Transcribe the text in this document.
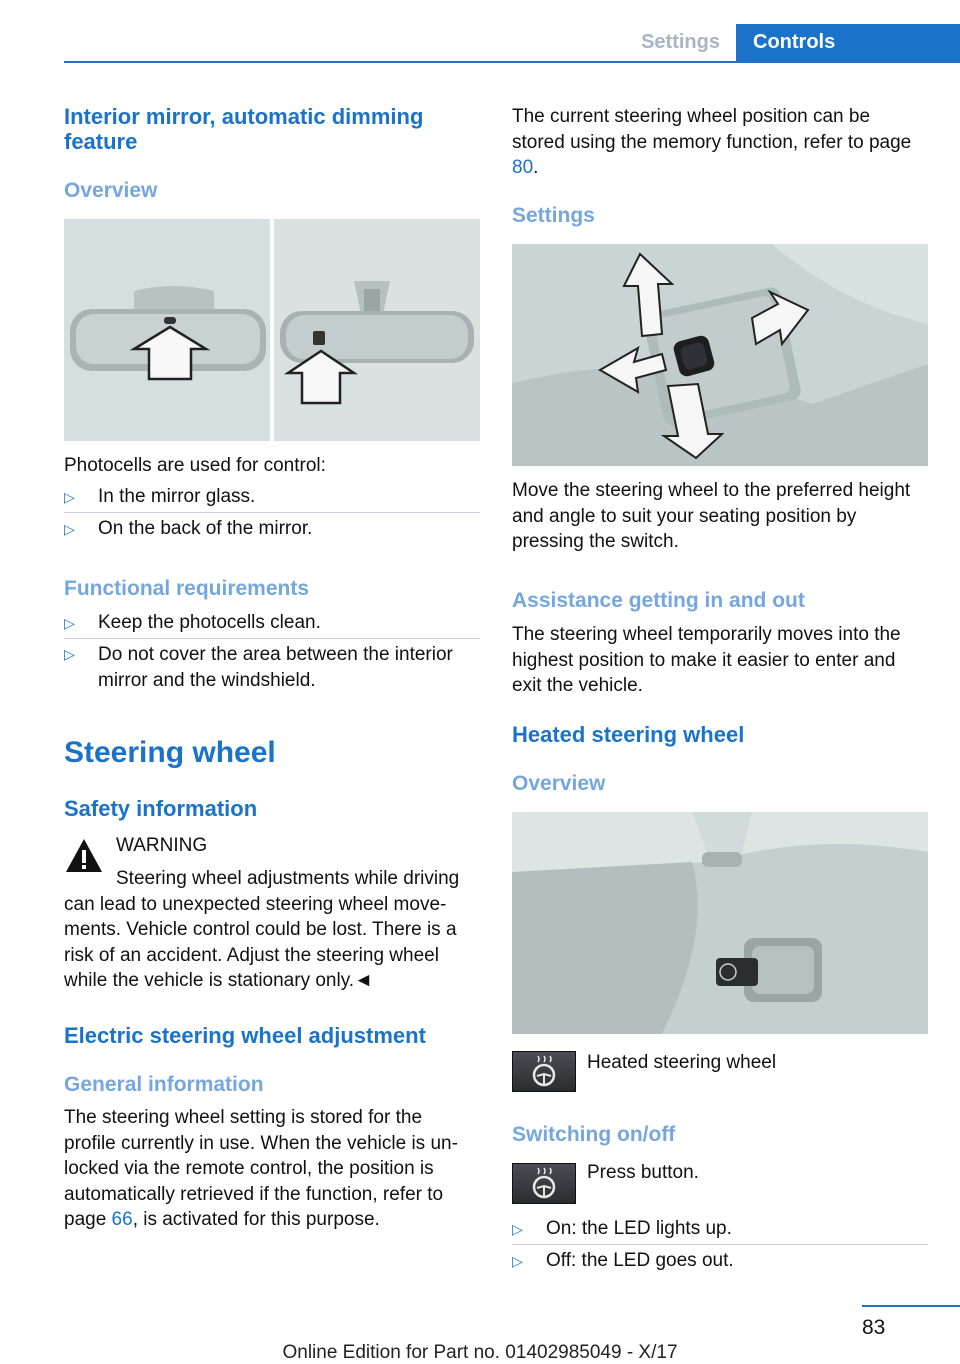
Settings	Controls
Interior mirror, automatic dimming feature
Overview
Photocells are used for control:
▷ In the mirror glass.
▷ On the back of the mirror.
Functional requirements
▷ Keep the photocells clean.
▷	Do not cover the area between the interior mirror and the windshield.
Steering wheel
Safety information
WARNING
Steering wheel adjustments while driving can lead to unexpected steering wheel movements. Vehicle control could be lost. There is a risk of an accident. Adjust the steering wheel while the vehicle is stationary only.◄
Electric steering wheel adjustment
General information
The steering wheel setting is stored for the profile currently in use. When the vehicle is unlocked via the remote control, the position is automatically retrieved if the function, refer to page 66, is activated for this purpose.
The current steering wheel position can be stored using the memory function, refer to page 80.
Settings
Move the steering wheel to the preferred height and angle to suit your seating position by pressing the switch.
Assistance getting in and out
The steering wheel temporarily moves into the highest position to make it easier to enter and exit the vehicle.
Heated steering wheel
Overview
Heated steering wheel
Switching on/off
Press button.
▷ On: the LED lights up.
▷ Off: the LED goes out.
83
Online Edition for Part no. 01402985049 - X/17
